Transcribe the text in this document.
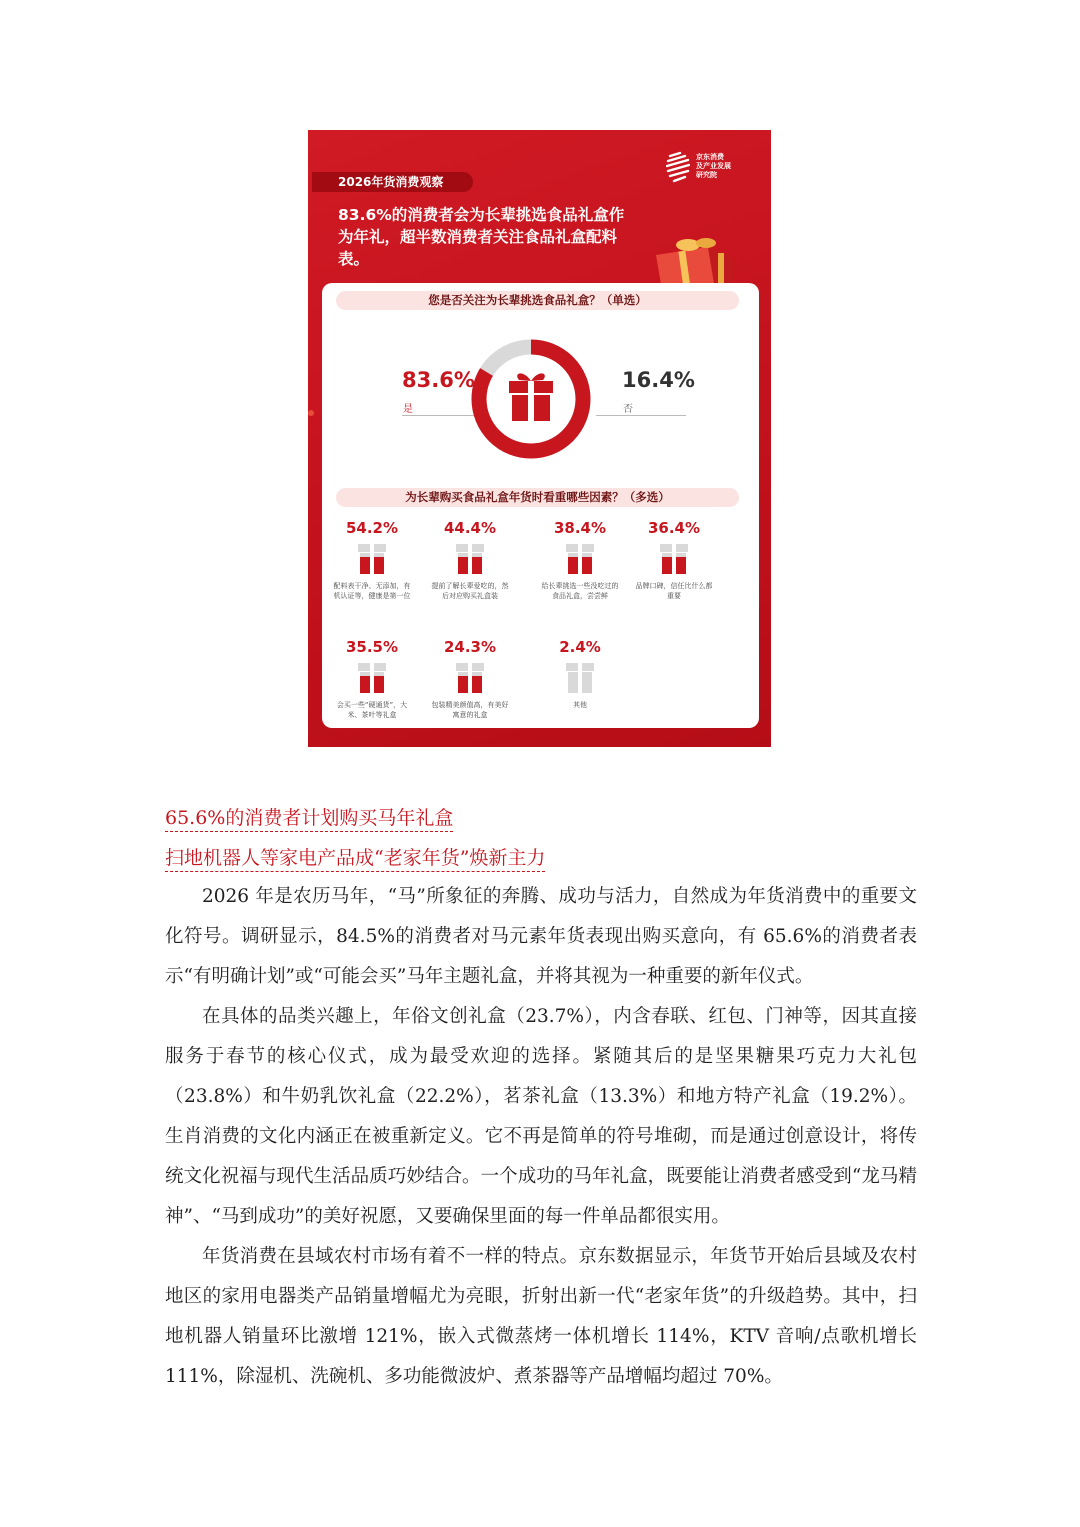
2026年货消费观察
京东消费
及产业发展
研究院
83.6%的消费者会为长辈挑选食品礼盒作为年礼，超半数消费者关注食品礼盒配料表。
您是否关注为长辈挑选食品礼盒？（单选）
83.6%
是
16.4%
否
为长辈购买食品礼盒年货时看重哪些因素？（多选）
54.2%
配料表干净、无添加，有机认证等，健康是第一位
44.4%
提前了解长辈爱吃的，然后对应购买礼盒装
38.4%
给长辈挑选一些没吃过的食品礼盒，尝尝鲜
36.4%
品牌口碑，信任比什么都重要
35.5%
会买一些“硬通货”，大米、茶叶等礼盒
24.3%
包装精美颜值高，有美好寓意的礼盒
2.4%
其他
65.6%的消费者计划购买马年礼盒
扫地机器人等家电产品成“老家年货”焕新主力

2026 年是农历马年，“马”所象征的奔腾、成功与活力，自然成为年货消费中的重要文化符号。调研显示，84.5%的消费者对马元素年货表现出购买意向，有 65.6%的消费者表示“有明确计划”或“可能会买”马年主题礼盒，并将其视为一种重要的新年仪式。

在具体的品类兴趣上，年俗文创礼盒（23.7%），内含春联、红包、门神等，因其直接服务于春节的核心仪式，成为最受欢迎的选择。紧随其后的是坚果糖果巧克力大礼包（23.8%）和牛奶乳饮礼盒（22.2%），茗茶礼盒（13.3%）和地方特产礼盒（19.2%）。生肖消费的文化内涵正在被重新定义。它不再是简单的符号堆砌，而是通过创意设计，将传统文化祝福与现代生活品质巧妙结合。一个成功的马年礼盒，既要能让消费者感受到“龙马精神”、“马到成功”的美好祝愿，又要确保里面的每一件单品都很实用。

年货消费在县域农村市场有着不一样的特点。京东数据显示，年货节开始后县域及农村地区的家用电器类产品销量增幅尤为亮眼，折射出新一代“老家年货”的升级趋势。其中，扫地机器人销量环比激增 121%，嵌入式微蒸烤一体机增长 114%，KTV 音响/点歌机增长 111%，除湿机、洗碗机、多功能微波炉、煮茶器等产品增幅均超过 70%。
